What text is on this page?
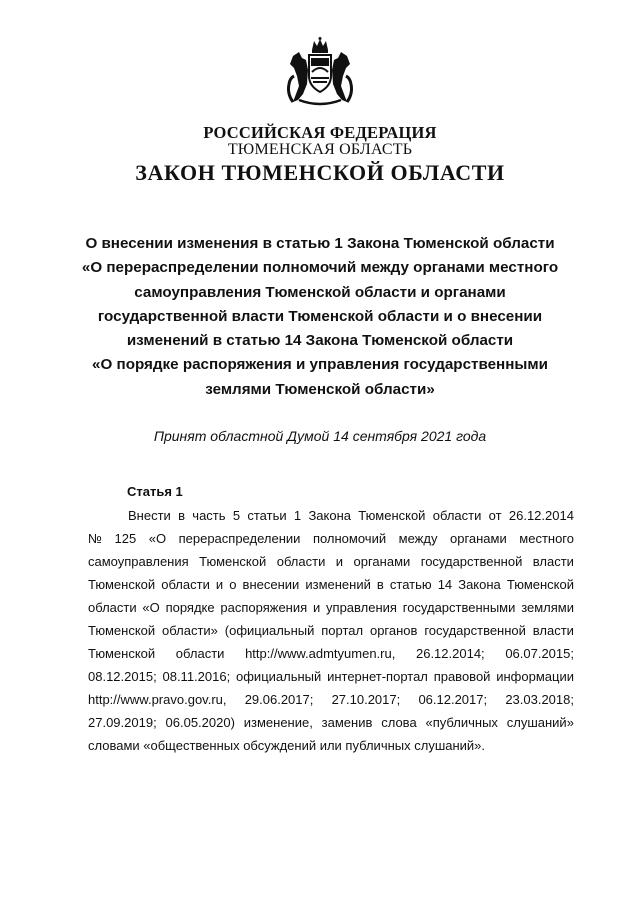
РОССИЙСКАЯ ФЕДЕРАЦИЯ
ТЮМЕНСКАЯ ОБЛАСТЬ
ЗАКОН ТЮМЕНСКОЙ ОБЛАСТИ
О внесении изменения в статью 1 Закона Тюменской области
«О перераспределении полномочий между органами местного
самоуправления Тюменской области и органами
государственной власти Тюменской области и о внесении
изменений в статью 14 Закона Тюменской области
«О порядке распоряжения и управления государственными
землями Тюменской области»
Принят областной Думой 14 сентября 2021 года
Статья 1
Внести в часть 5 статьи 1 Закона Тюменской области от 26.12.2014
№ 125 «О перераспределении полномочий между органами местного
самоуправления Тюменской области и органами государственной власти
Тюменской области и о внесении изменений в статью 14 Закона Тюменской
области «О порядке распоряжения и управления государственными землями
Тюменской области» (официальный портал органов государственной власти
Тюменской области http://www.admtyumen.ru, 26.12.2014; 06.07.2015;
08.12.2015; 08.11.2016; официальный интернет-портал правовой информации
http://www.pravo.gov.ru, 29.06.2017; 27.10.2017; 06.12.2017; 23.03.2018;
27.09.2019; 06.05.2020) изменение, заменив слова «публичных слушаний»
словами «общественных обсуждений или публичных слушаний».
